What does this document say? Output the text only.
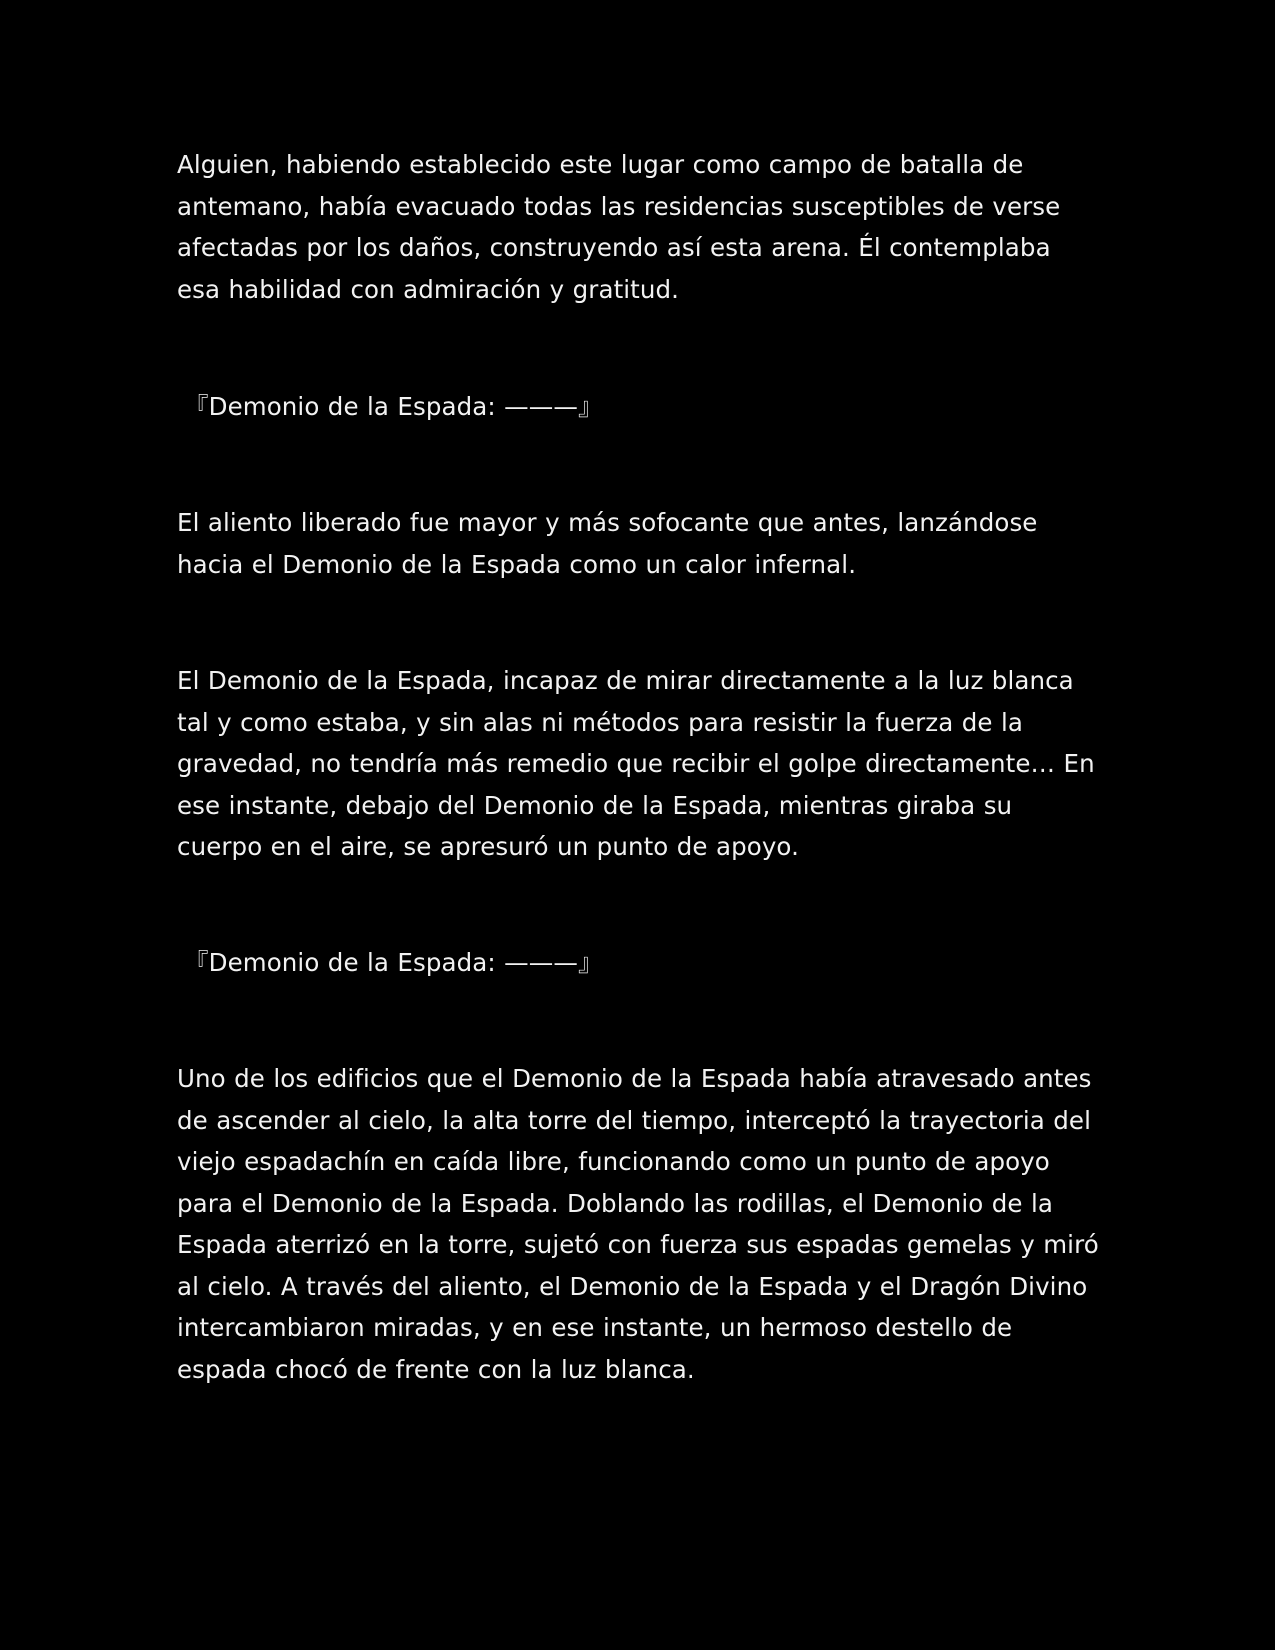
Alguien, habiendo establecido este lugar como campo de batalla de antemano, había evacuado todas las residencias susceptibles de verse afectadas por los daños, construyendo así esta arena. Él contemplaba esa habilidad con admiración y gratitud.

『Demonio de la Espada: ———』

El aliento liberado fue mayor y más sofocante que antes, lanzándose hacia el Demonio de la Espada como un calor infernal.

El Demonio de la Espada, incapaz de mirar directamente a la luz blanca tal y como estaba, y sin alas ni métodos para resistir la fuerza de la gravedad, no tendría más remedio que recibir el golpe directamente… En ese instante, debajo del Demonio de la Espada, mientras giraba su cuerpo en el aire, se apresuró un punto de apoyo.

『Demonio de la Espada: ———』

Uno de los edificios que el Demonio de la Espada había atravesado antes de ascender al cielo, la alta torre del tiempo, interceptó la trayectoria del viejo espadachín en caída libre, funcionando como un punto de apoyo para el Demonio de la Espada. Doblando las rodillas, el Demonio de la Espada aterrizó en la torre, sujetó con fuerza sus espadas gemelas y miró al cielo. A través del aliento, el Demonio de la Espada y el Dragón Divino intercambiaron miradas, y en ese instante, un hermoso destello de espada chocó de frente con la luz blanca.
